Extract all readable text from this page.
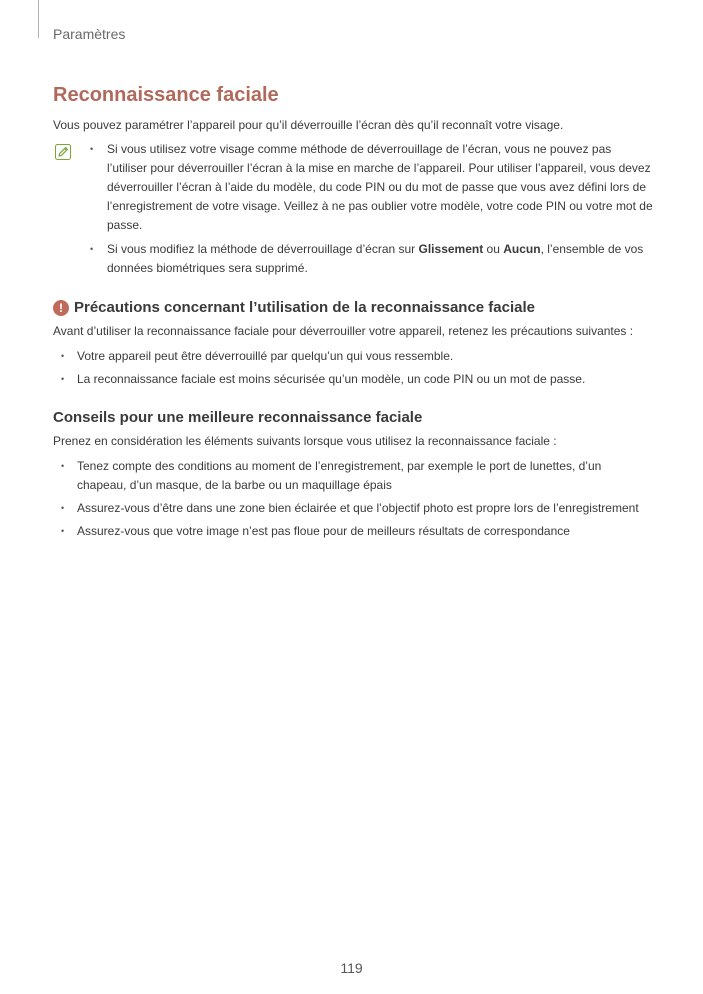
Paramètres
Reconnaissance faciale

Vous pouvez paramétrer l’appareil pour qu’il déverrouille l’écran dès qu’il reconnaît votre visage.

• Si vous utilisez votre visage comme méthode de déverrouillage de l’écran, vous ne pouvez pas l’utiliser pour déverrouiller l’écran à la mise en marche de l’appareil. Pour utiliser l’appareil, vous devez déverrouiller l’écran à l’aide du modèle, du code PIN ou du mot de passe que vous avez défini lors de l’enregistrement de votre visage. Veillez à ne pas oublier votre modèle, votre code PIN ou votre mot de passe.
• Si vous modifiez la méthode de déverrouillage d’écran sur Glissement ou Aucun, l’ensemble de vos données biométriques sera supprimé.
! Précautions concernant l’utilisation de la reconnaissance faciale

Avant d’utiliser la reconnaissance faciale pour déverrouiller votre appareil, retenez les précautions suivantes :

• Votre appareil peut être déverrouillé par quelqu’un qui vous ressemble.
• La reconnaissance faciale est moins sécurisée qu’un modèle, un code PIN ou un mot de passe.
Conseils pour une meilleure reconnaissance faciale

Prenez en considération les éléments suivants lorsque vous utilisez la reconnaissance faciale :

• Tenez compte des conditions au moment de l’enregistrement, par exemple le port de lunettes, d’un chapeau, d’un masque, de la barbe ou un maquillage épais
• Assurez-vous d’être dans une zone bien éclairée et que l’objectif photo est propre lors de l’enregistrement
• Assurez-vous que votre image n’est pas floue pour de meilleurs résultats de correspondance
119
